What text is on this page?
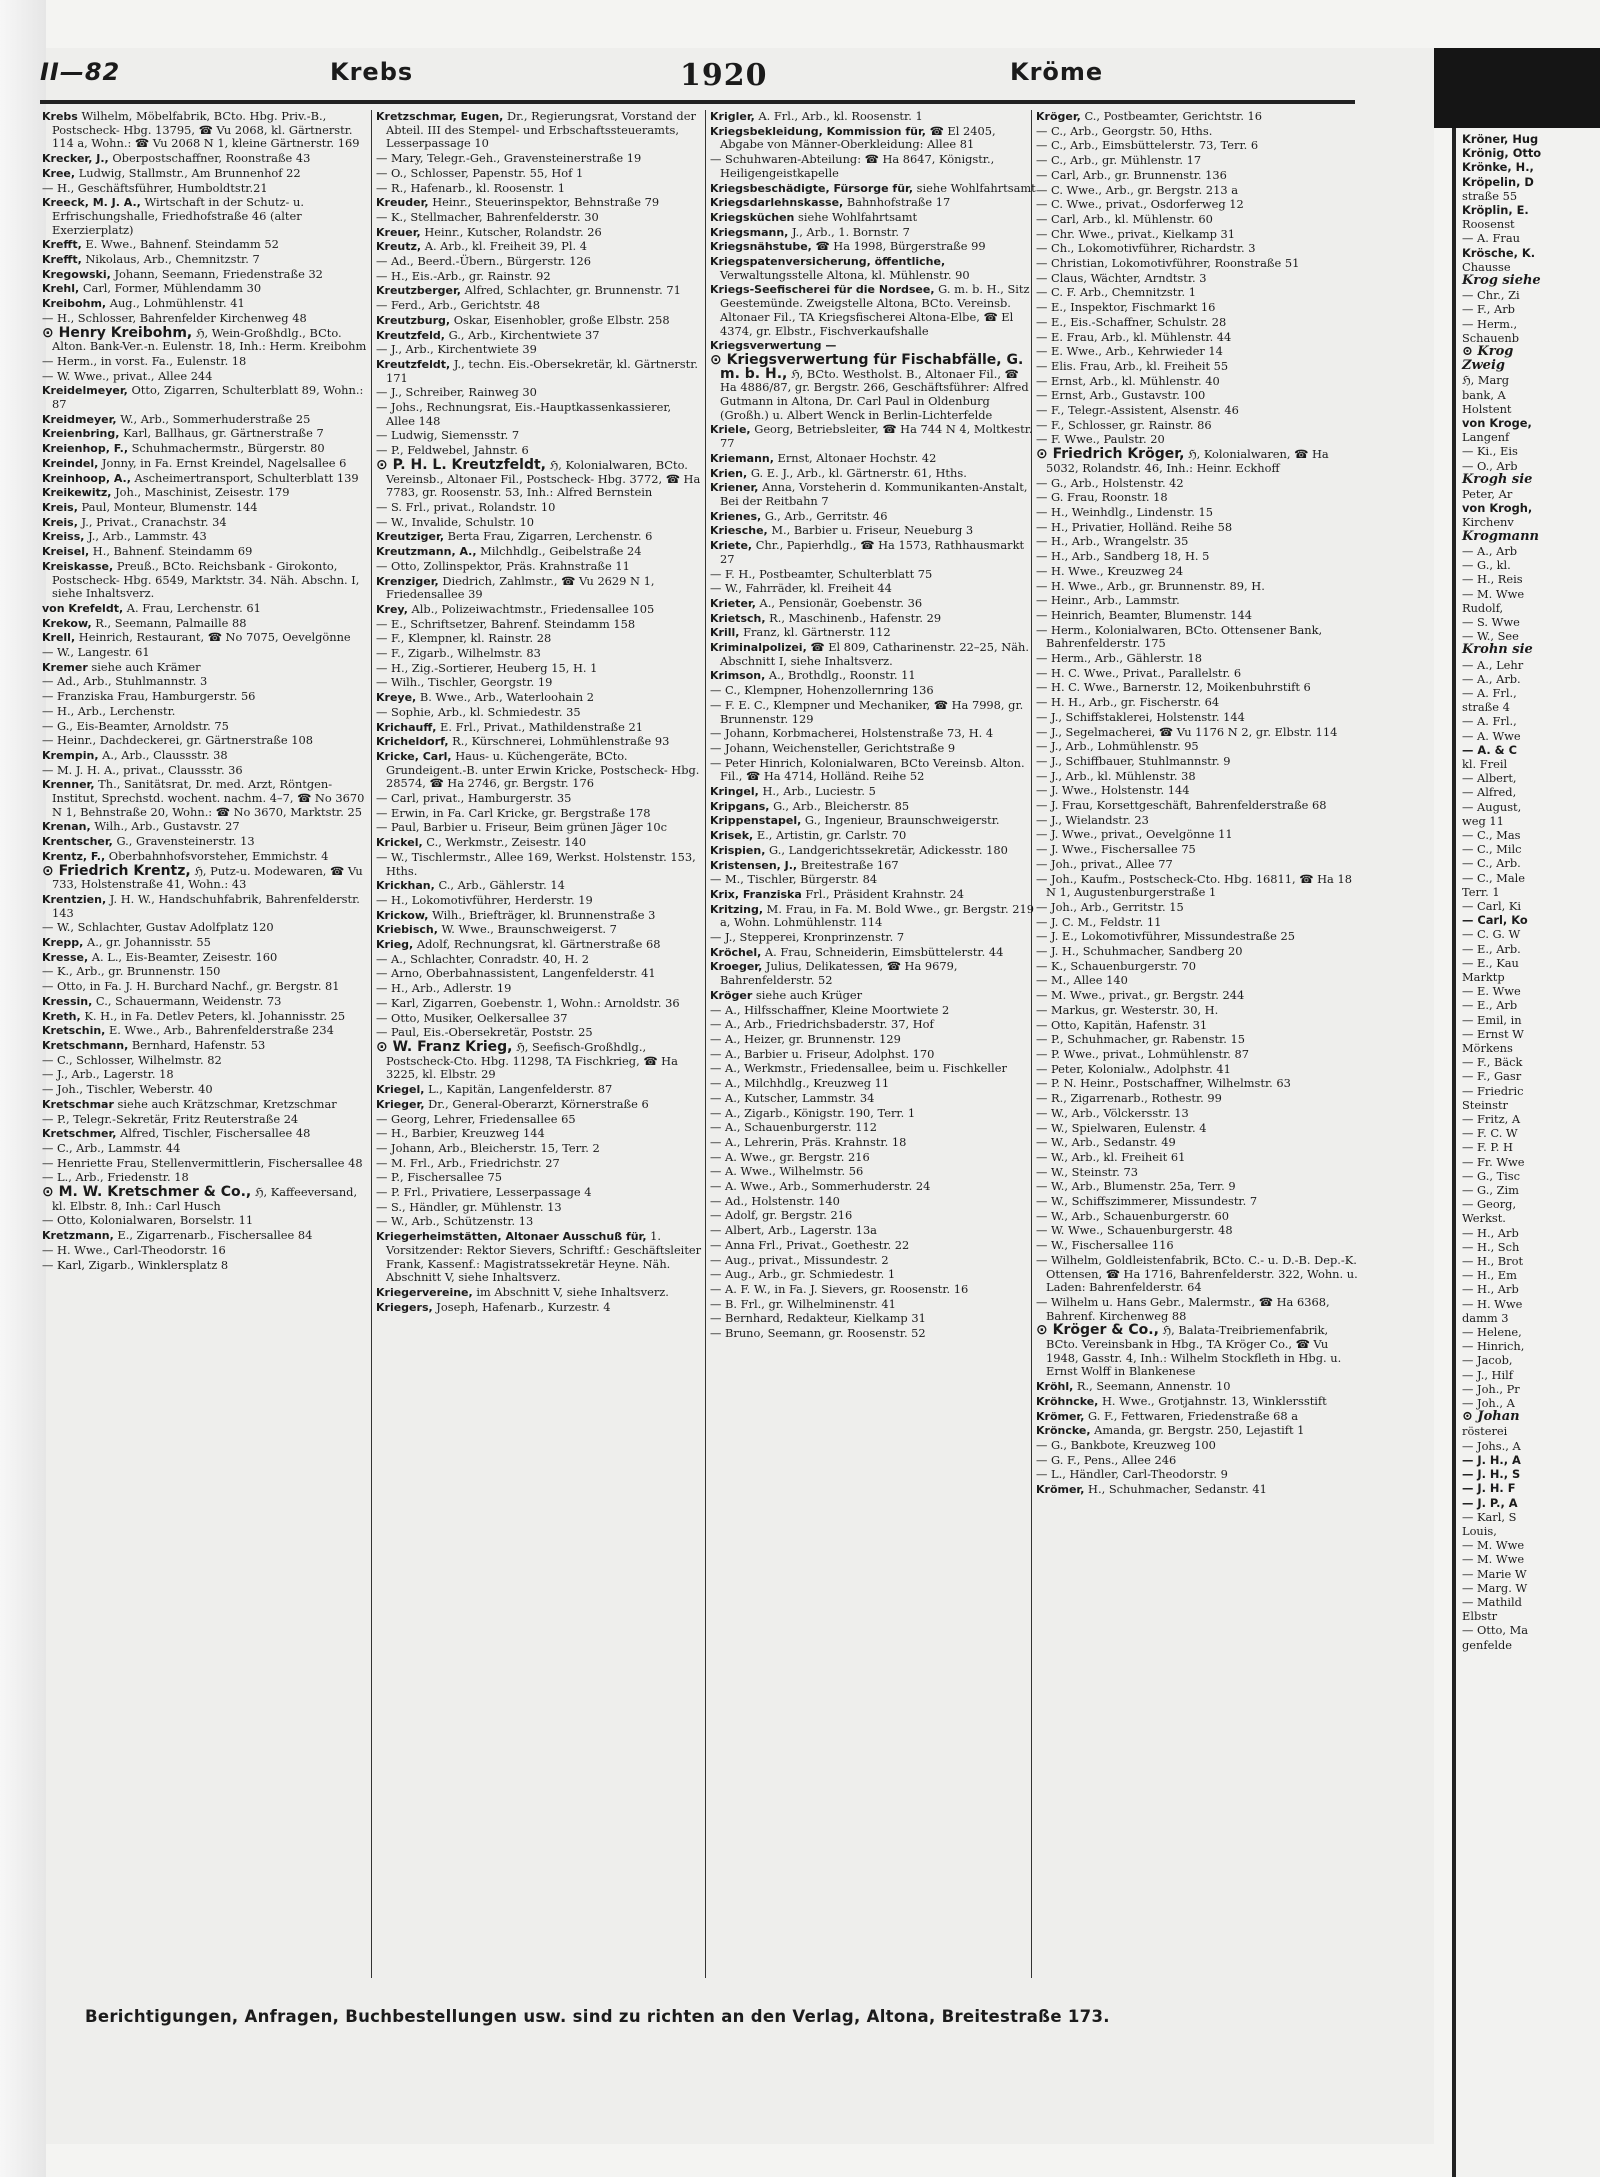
II—82	Krebs	1920	Kröme
Krebs Wilhelm, Möbelfabrik, BCto. Hbg. Priv.-B., Postscheck- Hbg. 13795, ☎ Vu 2068, kl. Gärtnerstr. 114 a, Wohn.: ☎ Vu 2068 N 1, kleine Gärtnerstr. 169
Krecker, J., Oberpostschaffner, Roonstraße 43
Kree, Ludwig, Stallmstr., Am Brunnenhof 22
— H., Geschäftsführer, Humboldtstr.21
Kreeck, M. J. A., Wirtschaft in der Schutz- u. Erfrischungshalle, Friedhofstraße 46 (alter Exerzierplatz)
Krefft, E. Wwe., Bahnenf. Steindamm 52
Krefft, Nikolaus, Arb., Chemnitzstr. 7
Kregowski, Johann, Seemann, Friedenstraße 32
Krehl, Carl, Former, Mühlendamm 30
Kreibohm, Aug., Lohmühlenstr. 41
— H., Schlosser, Bahrenfelder Kirchenweg 48
⊙ Henry Kreibohm, ℌ, Wein-Großhdlg., BCto. Alton. Bank-Ver.-n. Eulenstr. 18, Inh.: Herm. Kreibohm
— Herm., in vorst. Fa., Eulenstr. 18
— W. Wwe., privat., Allee 244
Kreidelmeyer, Otto, Zigarren, Schulterblatt 89, Wohn.: 87
Kreidmeyer, W., Arb., Sommerhuderstraße 25
Kreienbring, Karl, Ballhaus, gr. Gärtnerstraße 7
Kreienhop, F., Schuhmachermstr., Bürgerstr. 80
Kreindel, Jonny, in Fa. Ernst Kreindel, Nagelsallee 6
Kreinhoop, A., Ascheimertransport, Schulterblatt 139
Kreikewitz, Joh., Maschinist, Zeisestr. 179
Kreis, Paul, Monteur, Blumenstr. 144
Kreis, J., Privat., Cranachstr. 34
Kreiss, J., Arb., Lammstr. 43
Kreisel, H., Bahnenf. Steindamm 69
Kreiskasse, Preuß., BCto. Reichsbank - Girokonto, Postscheck- Hbg. 6549, Marktstr. 34. Näh. Abschn. I, siehe Inhaltsverz.
von Krefeldt, A. Frau, Lerchenstr. 61
Krekow, R., Seemann, Palmaille 88
Krell, Heinrich, Restaurant, ☎ No 7075, Oevelgönne
— W., Langestr. 61
Kremer siehe auch Krämer
— Ad., Arb., Stuhlmannstr. 3
— Franziska Frau, Hamburgerstr. 56
— H., Arb., Lerchenstr.
— G., Eis-Beamter, Arnoldstr. 75
— Heinr., Dachdeckerei, gr. Gärtnerstraße 108
Krempin, A., Arb., Claussstr. 38
— M. J. H. A., privat., Claussstr. 36
Krenner, Th., Sanitätsrat, Dr. med. Arzt, Röntgen-Institut, Sprechstd. wochent. nachm. 4–7, ☎ No 3670 N 1, Behnstraße 20, Wohn.: ☎ No 3670, Marktstr. 25
Krenan, Wilh., Arb., Gustavstr. 27
Krentscher, G., Gravensteinerstr. 13
Krentz, F., Oberbahnhofsvorsteher, Emmichstr. 4
⊙ Friedrich Krentz, ℌ, Putz-u. Modewaren, ☎ Vu 733, Holstenstraße 41, Wohn.: 43
Krentzien, J. H. W., Handschuhfabrik, Bahrenfelderstr. 143
— W., Schlachter, Gustav Adolfplatz 120
Krepp, A., gr. Johannisstr. 55
Kresse, A. L., Eis-Beamter, Zeisestr. 160
— K., Arb., gr. Brunnenstr. 150
— Otto, in Fa. J. H. Burchard Nachf., gr. Bergstr. 81
Kressin, C., Schauermann, Weidenstr. 73
Kreth, K. H., in Fa. Detlev Peters, kl. Johannisstr. 25
Kretschin, E. Wwe., Arb., Bahrenfelderstraße 234
Kretschmann, Bernhard, Hafenstr. 53
— C., Schlosser, Wilhelmstr. 82
— J., Arb., Lagerstr. 18
— Joh., Tischler, Weberstr. 40
Kretschmar siehe auch Krätzschmar, Kretzschmar
— P., Telegr.-Sekretär, Fritz Reuterstraße 24
Kretschmer, Alfred, Tischler, Fischersallee 48
— C., Arb., Lammstr. 44
— Henriette Frau, Stellenvermittlerin, Fischersallee 48
— L., Arb., Friedenstr. 18
⊙ M. W. Kretschmer & Co., ℌ, Kaffeeversand, kl. Elbstr. 8, Inh.: Carl Husch
— Otto, Kolonialwaren, Borselstr. 11
Kretzmann, E., Zigarrenarb., Fischersallee 84
— H. Wwe., Carl-Theodorstr. 16
— Karl, Zigarb., Winklersplatz 8
Kretzschmar, Eugen, Dr., Regierungsrat, Vorstand der Abteil. III des Stempel- und Erbschaftssteueramts, Lesserpassage 10
— Mary, Telegr.-Geh., Gravensteinerstraße 19
— O., Schlosser, Papenstr. 55, Hof 1
— R., Hafenarb., kl. Roosenstr. 1
Kreuder, Heinr., Steuerinspektor, Behnstraße 79
— K., Stellmacher, Bahrenfelderstr. 30
Kreuer, Heinr., Kutscher, Rolandstr. 26
Kreutz, A. Arb., kl. Freiheit 39, Pl. 4
— Ad., Beerd.-Übern., Bürgerstr. 126
— H., Eis.-Arb., gr. Rainstr. 92
Kreutzberger, Alfred, Schlachter, gr. Brunnenstr. 71
— Ferd., Arb., Gerichtstr. 48
Kreutzburg, Oskar, Eisenhobler, große Elbstr. 258
Kreutzfeld, G., Arb., Kirchentwiete 37
— J., Arb., Kirchentwiete 39
Kreutzfeldt, J., techn. Eis.-Obersekretär, kl. Gärtnerstr. 171
— J., Schreiber, Rainweg 30
— Johs., Rechnungsrat, Eis.-Hauptkassenkassierer, Allee 148
— Ludwig, Siemensstr. 7
— P., Feldwebel, Jahnstr. 6
⊙ P. H. L. Kreutzfeldt, ℌ, Kolonialwaren, BCto. Vereinsb., Altonaer Fil., Postscheck- Hbg. 3772, ☎ Ha 7783, gr. Roosenstr. 53, Inh.: Alfred Bernstein
— S. Frl., privat., Rolandstr. 10
— W., Invalide, Schulstr. 10
Kreutziger, Berta Frau, Zigarren, Lerchenstr. 6
Kreutzmann, A., Milchhdlg., Geibelstraße 24
— Otto, Zollinspektor, Präs. Krahnstraße 11
Krenziger, Diedrich, Zahlmstr., ☎ Vu 2629 N 1, Friedensallee 39
Krey, Alb., Polizeiwachtmstr., Friedensallee 105
— E., Schriftsetzer, Bahrenf. Steindamm 158
— F., Klempner, kl. Rainstr. 28
— F., Zigarb., Wilhelmstr. 83
— H., Zig.-Sortierer, Heuberg 15, H. 1
— Wilh., Tischler, Georgstr. 19
Kreye, B. Wwe., Arb., Waterloohain 2
— Sophie, Arb., kl. Schmiedestr. 35
Krichauff, E. Frl., Privat., Mathildenstraße 21
Kricheldorf, R., Kürschnerei, Lohmühlenstraße 93
Kricke, Carl, Haus- u. Küchengeräte, BCto. Grundeigent.-B. unter Erwin Kricke, Postscheck- Hbg. 28574, ☎ Ha 2746, gr. Bergstr. 176
— Carl, privat., Hamburgerstr. 35
— Erwin, in Fa. Carl Kricke, gr. Bergstraße 178
— Paul, Barbier u. Friseur, Beim grünen Jäger 10c
Krickel, C., Werkmstr., Zeisestr. 140
— W., Tischlermstr., Allee 169, Werkst. Holstenstr. 153, Hths.
Krickhan, C., Arb., Gählerstr. 14
— H., Lokomotivführer, Herderstr. 19
Krickow, Wilh., Briefträger, kl. Brunnenstraße 3
Kriebisch, W. Wwe., Braunschweigerst. 7
Krieg, Adolf, Rechnungsrat, kl. Gärtnerstraße 68
— A., Schlachter, Conradstr. 40, H. 2
— Arno, Oberbahnassistent, Langenfelderstr. 41
— H., Arb., Adlerstr. 19
— Karl, Zigarren, Goebenstr. 1, Wohn.: Arnoldstr. 36
— Otto, Musiker, Oelkersallee 37
— Paul, Eis.-Obersekretär, Poststr. 25
⊙ W. Franz Krieg, ℌ, Seefisch-Großhdlg., Postscheck-Cto. Hbg. 11298, TA Fischkrieg, ☎ Ha 3225, kl. Elbstr. 29
Kriegel, L., Kapitän, Langenfelderstr. 87
Krieger, Dr., General-Oberarzt, Körnerstraße 6
— Georg, Lehrer, Friedensallee 65
— H., Barbier, Kreuzweg 144
— Johann, Arb., Bleicherstr. 15, Terr. 2
— M. Frl., Arb., Friedrichstr. 27
— P., Fischersallee 75
— P. Frl., Privatiere, Lesserpassage 4
— S., Händler, gr. Mühlenstr. 13
— W., Arb., Schützenstr. 13
Kriegerheimstätten, Altonaer Ausschuß für, 1. Vorsitzender: Rektor Sievers, Schriftf.: Geschäftsleiter Frank, Kassenf.: Magistratssekretär Heyne. Näh. Abschnitt V, siehe Inhaltsverz.
Kriegervereine, im Abschnitt V, siehe Inhaltsverz.
Kriegers, Joseph, Hafenarb., Kurzestr. 4
Krigler, A. Frl., Arb., kl. Roosenstr. 1
Kriegsbekleidung, Kommission für, ☎ El 2405, Abgabe von Männer-Oberkleidung: Allee 81
— Schuhwaren-Abteilung: ☎ Ha 8647, Königstr., Heiligengeistkapelle
Kriegsbeschädigte, Fürsorge für, siehe Wohlfahrtsamt
Kriegsdarlehnskasse, Bahnhofstraße 17
Kriegsküchen siehe Wohlfahrtsamt
Kriegsmann, J., Arb., 1. Bornstr. 7
Kriegsnähstube, ☎ Ha 1998, Bürgerstraße 99
Kriegspatenversicherung, öffentliche, Verwaltungsstelle Altona, kl. Mühlenstr. 90
Kriegs-Seefischerei für die Nordsee, G. m. b. H., Sitz Geestemünde. Zweigstelle Altona, BCto. Vereinsb. Altonaer Fil., TA Kriegsfischerei Altona-Elbe, ☎ El 4374, gr. Elbstr., Fischverkaufshalle
Kriegsverwertung —
⊙ Kriegsverwertung für Fischabfälle, G. m. b. H., ℌ, BCto. Westholst. B., Altonaer Fil., ☎ Ha 4886/87, gr. Bergstr. 266, Geschäftsführer: Alfred Gutmann in Altona, Dr. Carl Paul in Oldenburg (Großh.) u. Albert Wenck in Berlin-Lichterfelde
Kriele, Georg, Betriebsleiter, ☎ Ha 744 N 4, Moltkestr. 77
Kriemann, Ernst, Altonaer Hochstr. 42
Krien, G. E. J., Arb., kl. Gärtnerstr. 61, Hths.
Kriener, Anna, Vorsteherin d. Kommunikanten-Anstalt, Bei der Reitbahn 7
Krienes, G., Arb., Gerritstr. 46
Kriesche, M., Barbier u. Friseur, Neueburg 3
Kriete, Chr., Papierhdlg., ☎ Ha 1573, Rathhausmarkt 27
— F. H., Postbeamter, Schulterblatt 75
— W., Fahrräder, kl. Freiheit 44
Krieter, A., Pensionär, Goebenstr. 36
Krietsch, R., Maschinenb., Hafenstr. 29
Krill, Franz, kl. Gärtnerstr. 112
Kriminalpolizei, ☎ El 809, Catharinenstr. 22–25, Näh. Abschnitt I, siehe Inhaltsverz.
Krimson, A., Brothdlg., Roonstr. 11
— C., Klempner, Hohenzollernring 136
— F. E. C., Klempner und Mechaniker, ☎ Ha 7998, gr. Brunnenstr. 129
— Johann, Korbmacherei, Holstenstraße 73, H. 4
— Johann, Weichensteller, Gerichtstraße 9
— Peter Hinrich, Kolonialwaren, BCto Vereinsb. Alton. Fil., ☎ Ha 4714, Holländ. Reihe 52
Kringel, H., Arb., Luciestr. 5
Kripgans, G., Arb., Bleicherstr. 85
Krippenstapel, G., Ingenieur, Braunschweigerstr.
Krisek, E., Artistin, gr. Carlstr. 70
Krispien, G., Landgerichtssekretär, Adickesstr. 180
Kristensen, J., Breitestraße 167
— M., Tischler, Bürgerstr. 84
Krix, Franziska Frl., Präsident Krahnstr. 24
Kritzing, M. Frau, in Fa. M. Bold Wwe., gr. Bergstr. 219 a, Wohn. Lohmühlenstr. 114
— J., Stepperei, Kronprinzenstr. 7
Kröchel, A. Frau, Schneiderin, Eimsbüttelerstr. 44
Kroeger, Julius, Delikatessen, ☎ Ha 9679, Bahrenfelderstr. 52
Kröger siehe auch Krüger
— A., Hilfsschaffner, Kleine Moortwiete 2
— A., Arb., Friedrichsbaderstr. 37, Hof
— A., Heizer, gr. Brunnenstr. 129
— A., Barbier u. Friseur, Adolphst. 170
— A., Werkmstr., Friedensallee, beim u. Fischkeller
— A., Milchhdlg., Kreuzweg 11
— A., Kutscher, Lammstr. 34
— A., Zigarb., Königstr. 190, Terr. 1
— A., Schauenburgerstr. 112
— A., Lehrerin, Präs. Krahnstr. 18
— A. Wwe., gr. Bergstr. 216
— A. Wwe., Wilhelmstr. 56
— A. Wwe., Arb., Sommerhuderstr. 24
— Ad., Holstenstr. 140
— Adolf, gr. Bergstr. 216
— Albert, Arb., Lagerstr. 13a
— Anna Frl., Privat., Goethestr. 22
— Aug., privat., Missundestr. 2
— Aug., Arb., gr. Schmiedestr. 1
— A. F. W., in Fa. J. Sievers, gr. Roosenstr. 16
— B. Frl., gr. Wilhelminenstr. 41
— Bernhard, Redakteur, Kielkamp 31
— Bruno, Seemann, gr. Roosenstr. 52
Kröger, C., Postbeamter, Gerichtstr. 16
— C., Arb., Georgstr. 50, Hths.
— C., Arb., Eimsbüttelerstr. 73, Terr. 6
— C., Arb., gr. Mühlenstr. 17
— Carl, Arb., gr. Brunnenstr. 136
— C. Wwe., Arb., gr. Bergstr. 213 a
— C. Wwe., privat., Osdorferweg 12
— Carl, Arb., kl. Mühlenstr. 60
— Chr. Wwe., privat., Kielkamp 31
— Ch., Lokomotivführer, Richardstr. 3
— Christian, Lokomotivführer, Roonstraße 51
— Claus, Wächter, Arndtstr. 3
— C. F. Arb., Chemnitzstr. 1
— E., Inspektor, Fischmarkt 16
— E., Eis.-Schaffner, Schulstr. 28
— E. Frau, Arb., kl. Mühlenstr. 44
— E. Wwe., Arb., Kehrwieder 14
— Elis. Frau, Arb., kl. Freiheit 55
— Ernst, Arb., kl. Mühlenstr. 40
— Ernst, Arb., Gustavstr. 100
— F., Telegr.-Assistent, Alsenstr. 46
— F., Schlosser, gr. Rainstr. 86
— F. Wwe., Paulstr. 20
⊙ Friedrich Kröger, ℌ, Kolonialwaren, ☎ Ha 5032, Rolandstr. 46, Inh.: Heinr. Eckhoff
— G., Arb., Holstenstr. 42
— G. Frau, Roonstr. 18
— H., Weinhdlg., Lindenstr. 15
— H., Privatier, Holländ. Reihe 58
— H., Arb., Wrangelstr. 35
— H., Arb., Sandberg 18, H. 5
— H. Wwe., Kreuzweg 24
— H. Wwe., Arb., gr. Brunnenstr. 89, H.
— Heinr., Arb., Lammstr.
— Heinrich, Beamter, Blumenstr. 144
— Herm., Kolonialwaren, BCto. Ottensener Bank, Bahrenfelderstr. 175
— Herm., Arb., Gählerstr. 18
— H. C. Wwe., Privat., Parallelstr. 6
— H. C. Wwe., Barnerstr. 12, Moikenbuhrstift 6
— H. H., Arb., gr. Fischerstr. 64
— J., Schiffstaklerei, Holstenstr. 144
— J., Segelmacherei, ☎ Vu 1176 N 2, gr. Elbstr. 114
— J., Arb., Lohmühlenstr. 95
— J., Schiffbauer, Stuhlmannstr. 9
— J., Arb., kl. Mühlenstr. 38
— J. Wwe., Holstenstr. 144
— J. Frau, Korsettgeschäft, Bahrenfelderstraße 68
— J., Wielandstr. 23
— J. Wwe., privat., Oevelgönne 11
— J. Wwe., Fischersallee 75
— Joh., privat., Allee 77
— Joh., Kaufm., Postscheck-Cto. Hbg. 16811, ☎ Ha 18 N 1, Augustenburgerstraße 1
— Joh., Arb., Gerritstr. 15
— J. C. M., Feldstr. 11
— J. E., Lokomotivführer, Missundestraße 25
— J. H., Schuhmacher, Sandberg 20
— K., Schauenburgerstr. 70
— M., Allee 140
— M. Wwe., privat., gr. Bergstr. 244
— Markus, gr. Westerstr. 30, H.
— Otto, Kapitän, Hafenstr. 31
— P., Schuhmacher, gr. Rabenstr. 15
— P. Wwe., privat., Lohmühlenstr. 87
— Peter, Kolonialw., Adolphstr. 41
— P. N. Heinr., Postschaffner, Wilhelmstr. 63
— R., Zigarrenarb., Rothestr. 99
— W., Arb., Völckersstr. 13
— W., Spielwaren, Eulenstr. 4
— W., Arb., Sedanstr. 49
— W., Arb., kl. Freiheit 61
— W., Steinstr. 73
— W., Arb., Blumenstr. 25a, Terr. 9
— W., Schiffszimmerer, Missundestr. 7
— W., Arb., Schauenburgerstr. 60
— W. Wwe., Schauenburgerstr. 48
— W., Fischersallee 116
— Wilhelm, Goldleistenfabrik, BCto. C.- u. D.-B. Dep.-K. Ottensen, ☎ Ha 1716, Bahrenfelderstr. 322, Wohn. u. Laden: Bahrenfelderstr. 64
— Wilhelm u. Hans Gebr., Malermstr., ☎ Ha 6368, Bahrenf. Kirchenweg 88
⊙ Kröger & Co., ℌ, Balata-Treibriemenfabrik, BCto. Vereinsbank in Hbg., TA Kröger Co., ☎ Vu 1948, Gasstr. 4, Inh.: Wilhelm Stockfleth in Hbg. u. Ernst Wolff in Blankenese
Kröhl, R., Seemann, Annenstr. 10
Kröhncke, H. Wwe., Grotjahnstr. 13, Winklersstift
Krömer, G. F., Fettwaren, Friedenstraße 68 a
Kröncke, Amanda, gr. Bergstr. 250, Lejastift 1
— G., Bankbote, Kreuzweg 100
— G. F., Pens., Allee 246
— L., Händler, Carl-Theodorstr. 9
Krömer, H., Schuhmacher, Sedanstr. 41
Berichtigungen, Anfragen, Buchbestellungen usw. sind zu richten an den Verlag, Altona, Breitestraße 173.
Kröner, Hug
Krönig, Otto
Krönke, H.,
Kröpelin, D
straße 55
Kröplin, E.
Roosenst
— A. Frau
Krösche, K.
Chausse
Krog siehe
— Chr., Zi
— F., Arb
— Herm.,
Schauenb
⊙ Krog
Zweig
ℌ, Marg
bank, A
Holstent
von Kroge,
Langenf
— Ki., Eis
— O., Arb
Krogh sie
Peter, Ar
von Krogh,
Kirchenv
Krogmann
— A., Arb
— G., kl.
— H., Reis
— M. Wwe
Rudolf,
— S. Wwe
— W., See
Krohn sie
— A., Lehr
— A., Arb.
— A. Frl.,
straße 4
— A. Frl.,
— A. Wwe
— A. & C
kl. Freil
— Albert,
— Alfred,
— August,
weg 11
— C., Mas
— C., Milc
— C., Arb.
— C., Male
Terr. 1
— Carl, Ki
— Carl, Ko
— C. G. W
— E., Arb.
— E., Kau
Marktp
— E. Wwe
— E., Arb
— Emil, in
— Ernst W
Mörkens
— F., Bäck
— F., Gasr
— Friedric
Steinstr
— Fritz, A
— F. C. W
— F. P. H
— Fr. Wwe
— G., Tisc
— G., Zim
— Georg,
Werkst.
— H., Arb
— H., Sch
— H., Brot
— H., Em
— H., Arb
— H. Wwe
damm 3
— Helene,
— Hinrich,
— Jacob,
— J., Hilf
— Joh., Pr
— Joh., A
⊙ Johan
rösterei
— Johs., A
— J. H., A
— J. H., S
— J. H. F
— J. P., A
— Karl, S
Louis,
— M. Wwe
— M. Wwe
— Marie W
— Marg. W
— Mathild
Elbstr
— Otto, Ma
genfelde
